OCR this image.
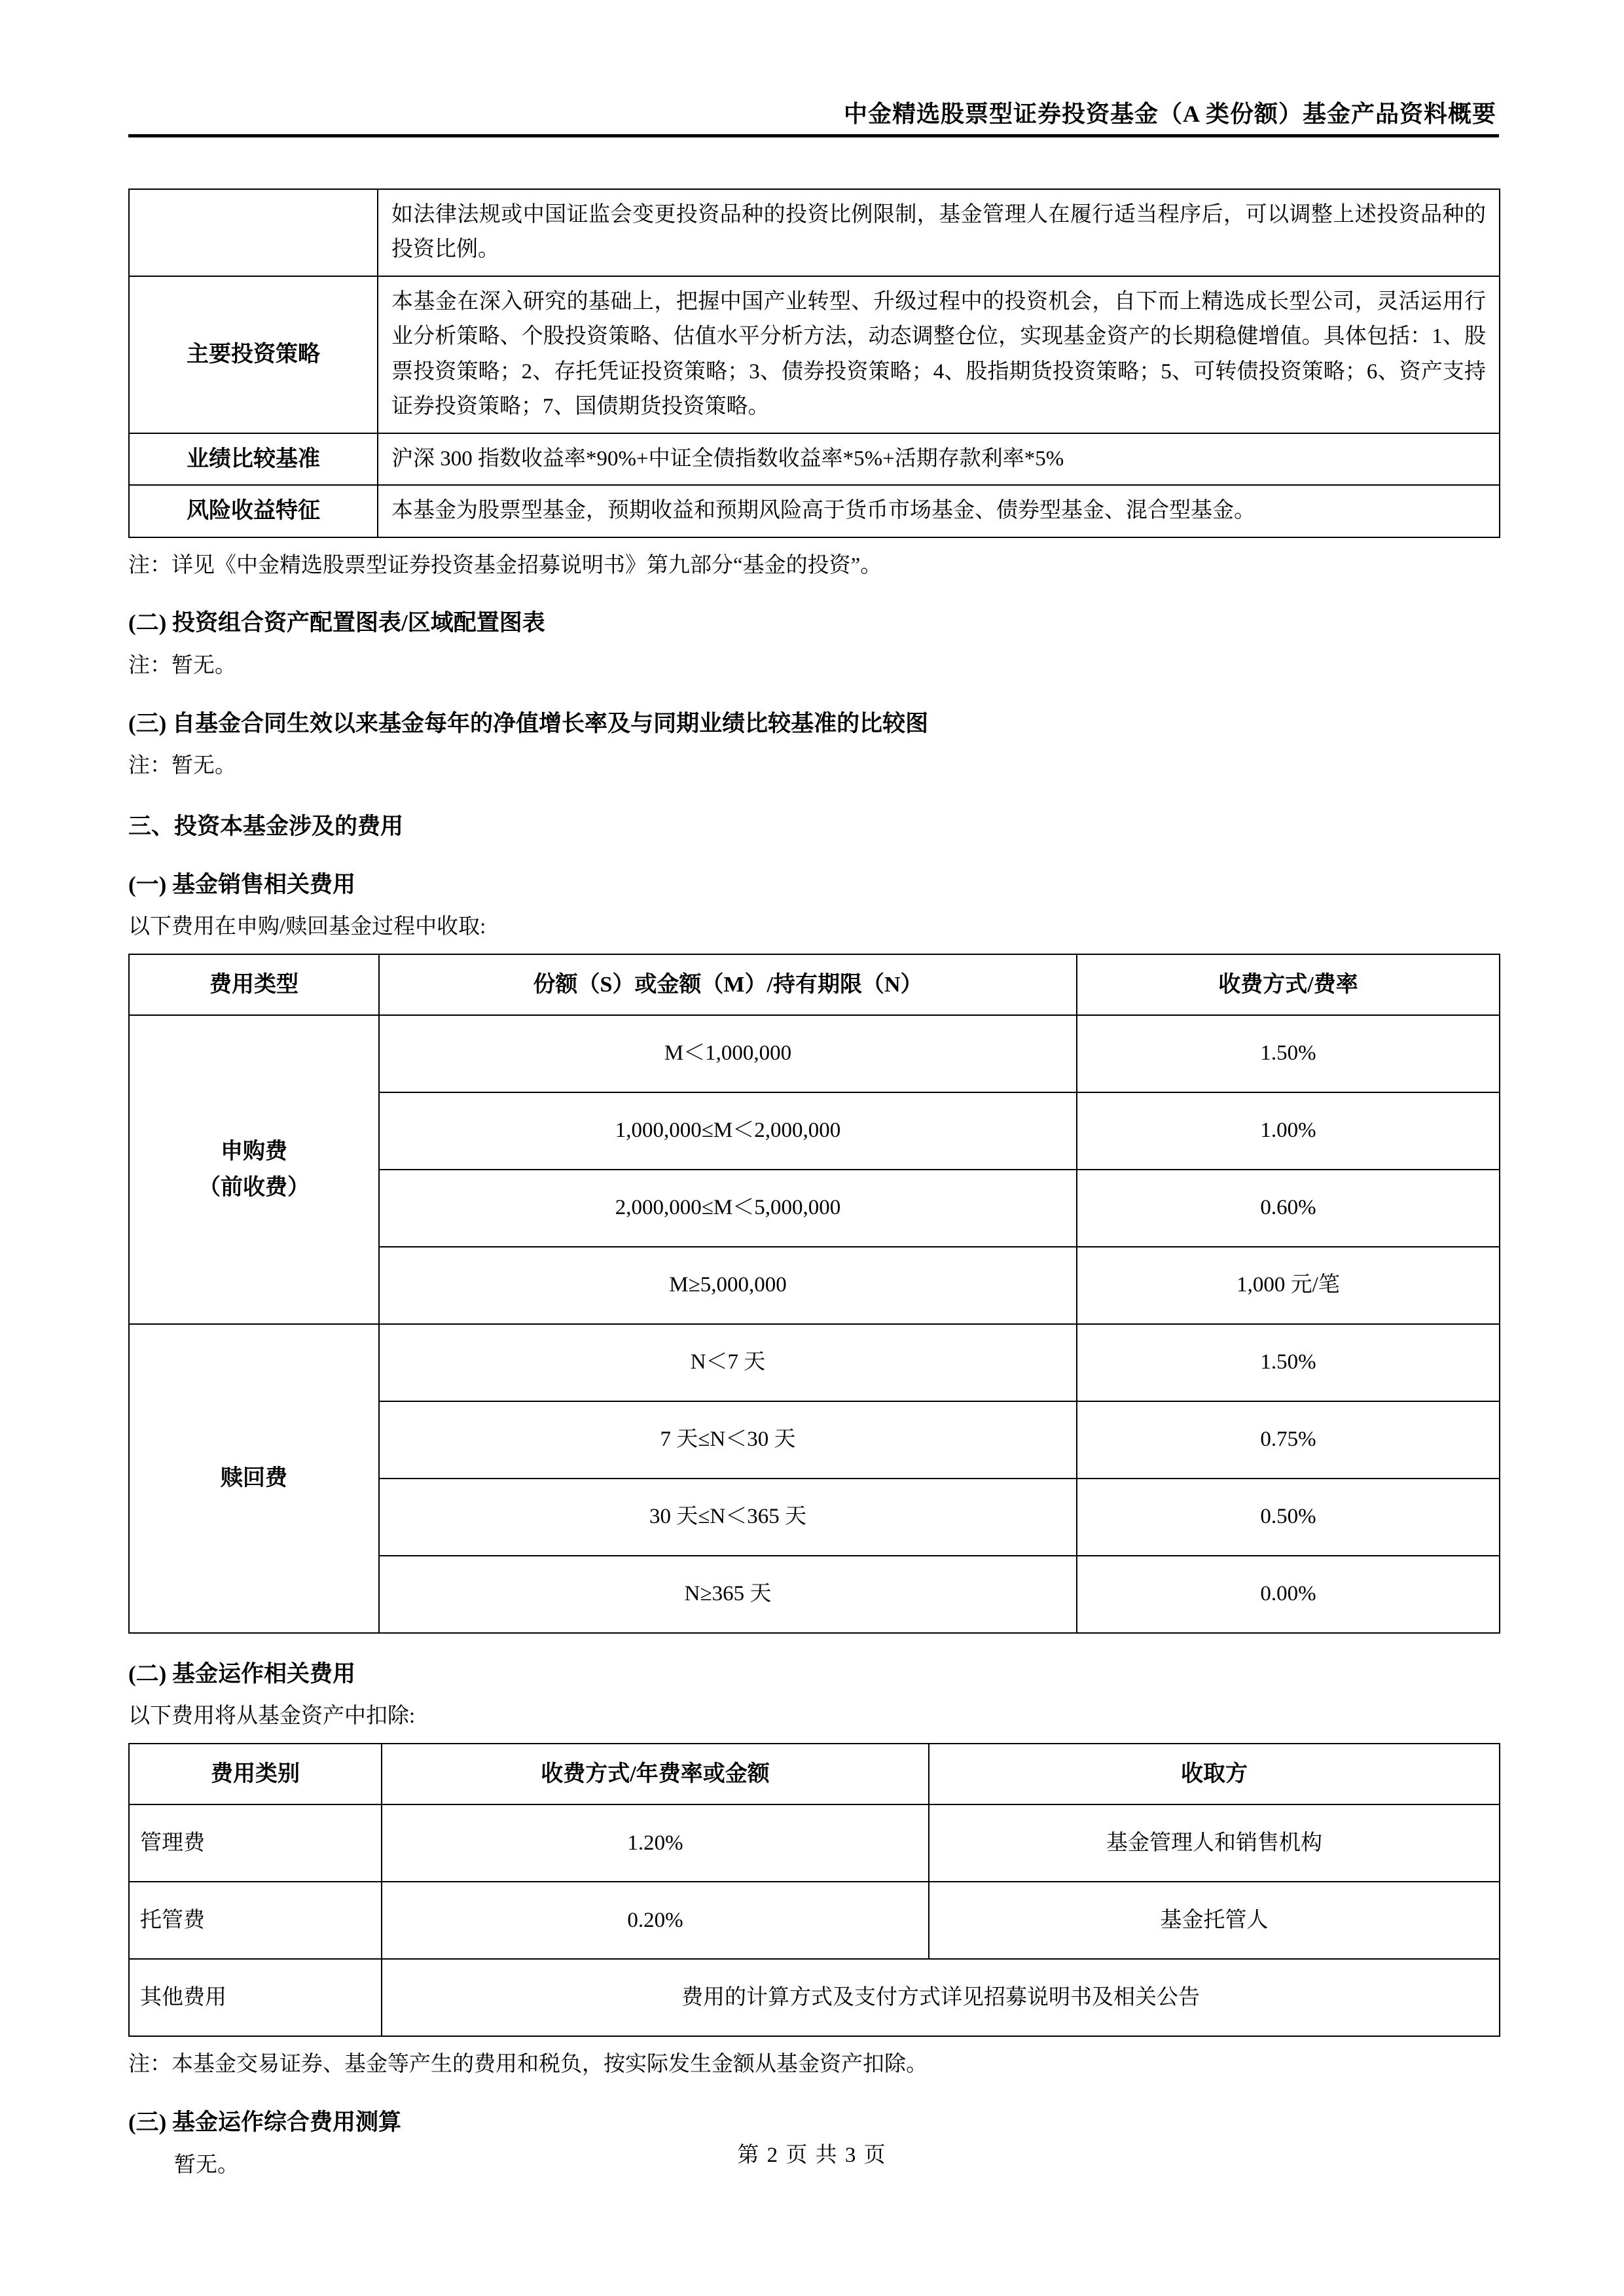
中金精选股票型证券投资基金（A 类份额）基金产品资料概要
	如法律法规或中国证监会变更投资品种的投资比例限制，基金管理人在履行适当程序后，可以调整上述投资品种的投资比例。
主要投资策略	本基金在深入研究的基础上，把握中国产业转型、升级过程中的投资机会，自下而上精选成长型公司，灵活运用行业分析策略、个股投资策略、估值水平分析方法，动态调整仓位，实现基金资产的长期稳健增值。具体包括：1、股票投资策略；2、存托凭证投资策略；3、债券投资策略；4、股指期货投资策略；5、可转债投资策略；6、资产支持证券投资策略；7、国债期货投资策略。
业绩比较基准	沪深 300 指数收益率*90%+中证全债指数收益率*5%+活期存款利率*5%
风险收益特征	本基金为股票型基金，预期收益和预期风险高于货币市场基金、债券型基金、混合型基金。
注：详见《中金精选股票型证券投资基金招募说明书》第九部分“基金的投资”。
(二) 投资组合资产配置图表/区域配置图表
注：暂无。
(三) 自基金合同生效以来基金每年的净值增长率及与同期业绩比较基准的比较图
注：暂无。
三、投资本基金涉及的费用
(一) 基金销售相关费用
以下费用在申购/赎回基金过程中收取:
费用类型	份额（S）或金额（M）/持有期限（N）	收费方式/费率

申购费
（前收费）	M＜1,000,000	1.50%
	1,000,000≤M＜2,000,000	1.00%
	2,000,000≤M＜5,000,000	0.60%
	M≥5,000,000	1,000 元/笔
赎回费	N＜7 天	1.50%
	7 天≤N＜30 天	0.75%
	30 天≤N＜365 天	0.50%
	N≥365 天	0.00%
(二) 基金运作相关费用
以下费用将从基金资产中扣除:
费用类别	收费方式/年费率或金额	收取方
管理费	1.20%	基金管理人和销售机构
托管费	0.20%	基金托管人
其他费用	费用的计算方式及支付方式详见招募说明书及相关公告	
注：本基金交易证券、基金等产生的费用和税负，按实际发生金额从基金资产扣除。
(三) 基金运作综合费用测算
暂无。	第 2 页 共 3 页
